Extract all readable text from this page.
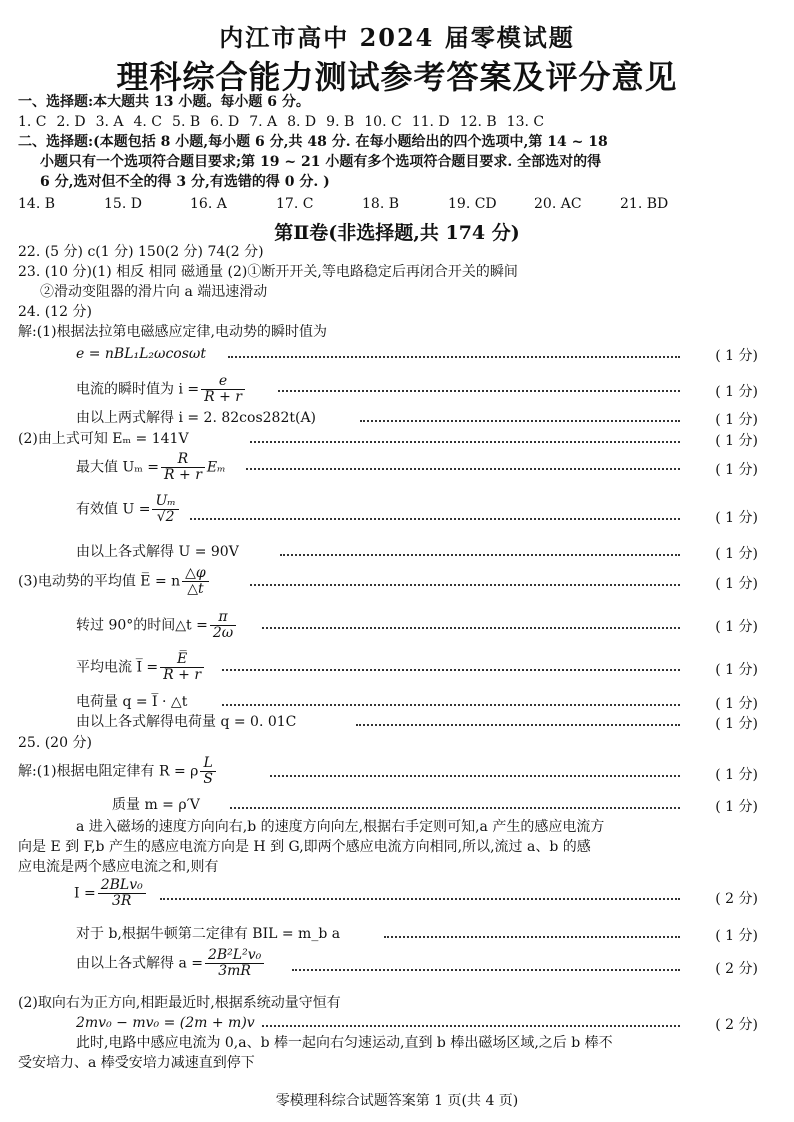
内江市高中 2024 届零模试题
理科综合能力测试参考答案及评分意见
一、选择题:本大题共 13 小题。每小题 6 分。
1. C 2. D 3. A 4. C 5. B 6. D 7. A 8. D 9. B 10. C 11. D 12. B 13. C
二、选择题:(本题包括 8 小题,每小题 6 分,共 48 分. 在每小题给出的四个选项中,第 14 ~ 18
小题只有一个选项符合题目要求;第 19 ~ 21 小题有多个选项符合题目要求. 全部选对的得
6 分,选对但不全的得 3 分,有选错的得 0 分. )
14. B	15. D	16. A	17. C	18. B	19. CD	20. AC	21. BD
第Ⅱ卷(非选择题,共 174 分)
22. (5 分) c(1 分) 150(2 分) 74(2 分)
23. (10 分)(1) 相反 相同 磁通量 (2)①断开开关,等电路稳定后再闭合开关的瞬间
②滑动变阻器的滑片向 a 端迅速滑动
24. (12 分)
解:(1)根据法拉第电磁感应定律,电动势的瞬时值为
e = nBL₁L₂ωcosωt	( 1 分)
电流的瞬时值为 $i = \frac{e}{R + r}$	( 1 分)
由以上两式解得 i = 2. 82cos282t(A)	( 1 分)
(2)由上式可知 Eₘ = 141V	( 1 分)
最大值 $U_m = \frac{R}{R + r}$ Eₘ	( 1 分)
有效值 $U = \frac{\text{Uₘ}}{√2}$	( 1 分)
由以上各式解得 U = 90V	( 1 分)
(3)电动势的平均值 E̅ = n $\frac{\triangle\varphi}{\triangle t}$	( 1 分)
转过 90°的时间△t = $\frac{\pi}{2\omega}$	( 1 分)
平均电流 I̅ = $\frac{E̅}{R + r}$	( 1 分)
电荷量 q = I̅ · △t	( 1 分)
由以上各式解得电荷量 q = 0. 01C	( 1 分)
25. (20 分)
解:(1)根据电阻定律有 R = ρ $\frac{L}{S}$	( 1 分)
质量 m = ρ′V	( 1 分)
a 进入磁场的速度方向向右,b 的速度方向向左,根据右手定则可知,a 产生的感应电流方
向是 E 到 F,b 产生的感应电流方向是 H 到 G,即两个感应电流方向相同,所以,流过 a、b 的感
应电流是两个感应电流之和,则有
$I = \frac{\text{2BLv₀}}{3R}$	( 2 分)
对于 b,根据牛顿第二定律有 BIL = m_b a	( 1 分)
由以上各式解得 $a = \frac{\text{2B²L²v₀}}{3mR}$	( 2 分)
(2)取向右为正方向,相距最近时,根据系统动量守恒有
2mv₀ − mv₀ = (2m + m)v	( 2 分)
此时,电路中感应电流为 0,a、b 棒一起向右匀速运动,直到 b 棒出磁场区域,之后 b 棒不
受安培力、a 棒受安培力减速直到停下
零模理科综合试题答案第 1 页(共 4 页)
